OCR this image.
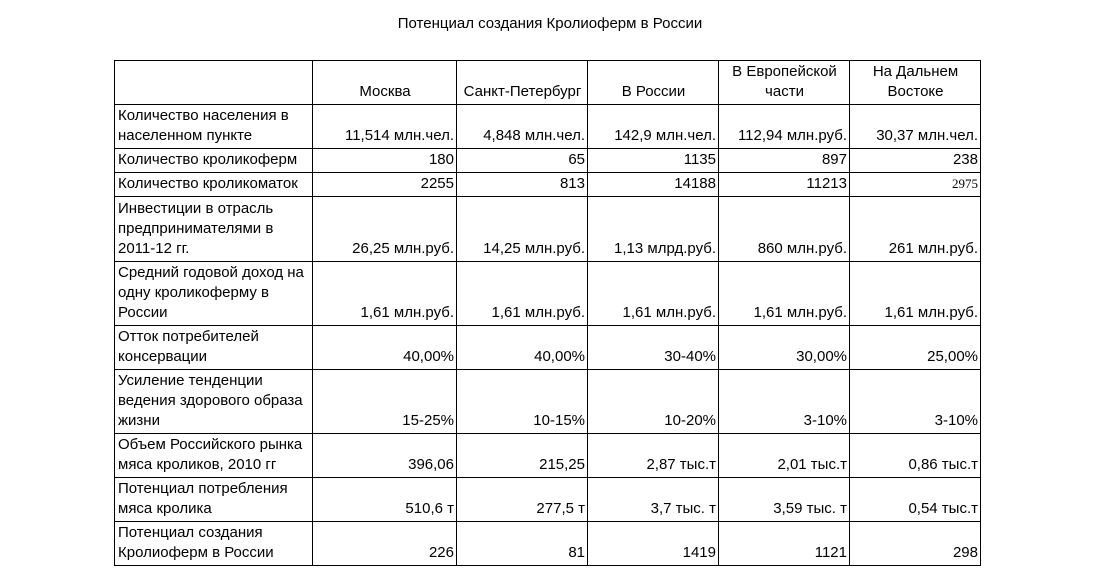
Потенциал создания Кролиоферм в России
	Москва	Санкт-Петербург	В России	В Европейской части	На Дальнем Востоке
Количество населения в населенном пункте	11,514 млн.чел.	4,848 млн.чел.	142,9 млн.чел.	112,94 млн.руб.	30,37 млн.чел.
Количество кроликоферм	180	65	1135	897	238
Количество кроликоматок	2255	813	14188	11213	2975
Инвестиции в отрасль предпринимателями в 2011-12 гг.	26,25 млн.руб.	14,25 млн.руб.	1,13 млрд.руб.	860 млн.руб.	261 млн.руб.
Средний годовой доход на одну кроликоферму в России	1,61 млн.руб.	1,61 млн.руб.	1,61 млн.руб.	1,61 млн.руб.	1,61 млн.руб.
Отток потребителей консервации	40,00%	40,00%	30-40%	30,00%	25,00%
Усиление тенденции ведения здорового образа жизни	15-25%	10-15%	10-20%	3-10%	3-10%
Объем Российского рынка мяса кроликов, 2010 гг	396,06	215,25	2,87 тыс.т	2,01 тыс.т	0,86 тыс.т
Потенциал потребления мяса кролика	510,6 т	277,5 т	3,7 тыс. т	3,59 тыс. т	0,54 тыс.т
Потенциал создания Кролиоферм в России	226	81	1419	1121	298
